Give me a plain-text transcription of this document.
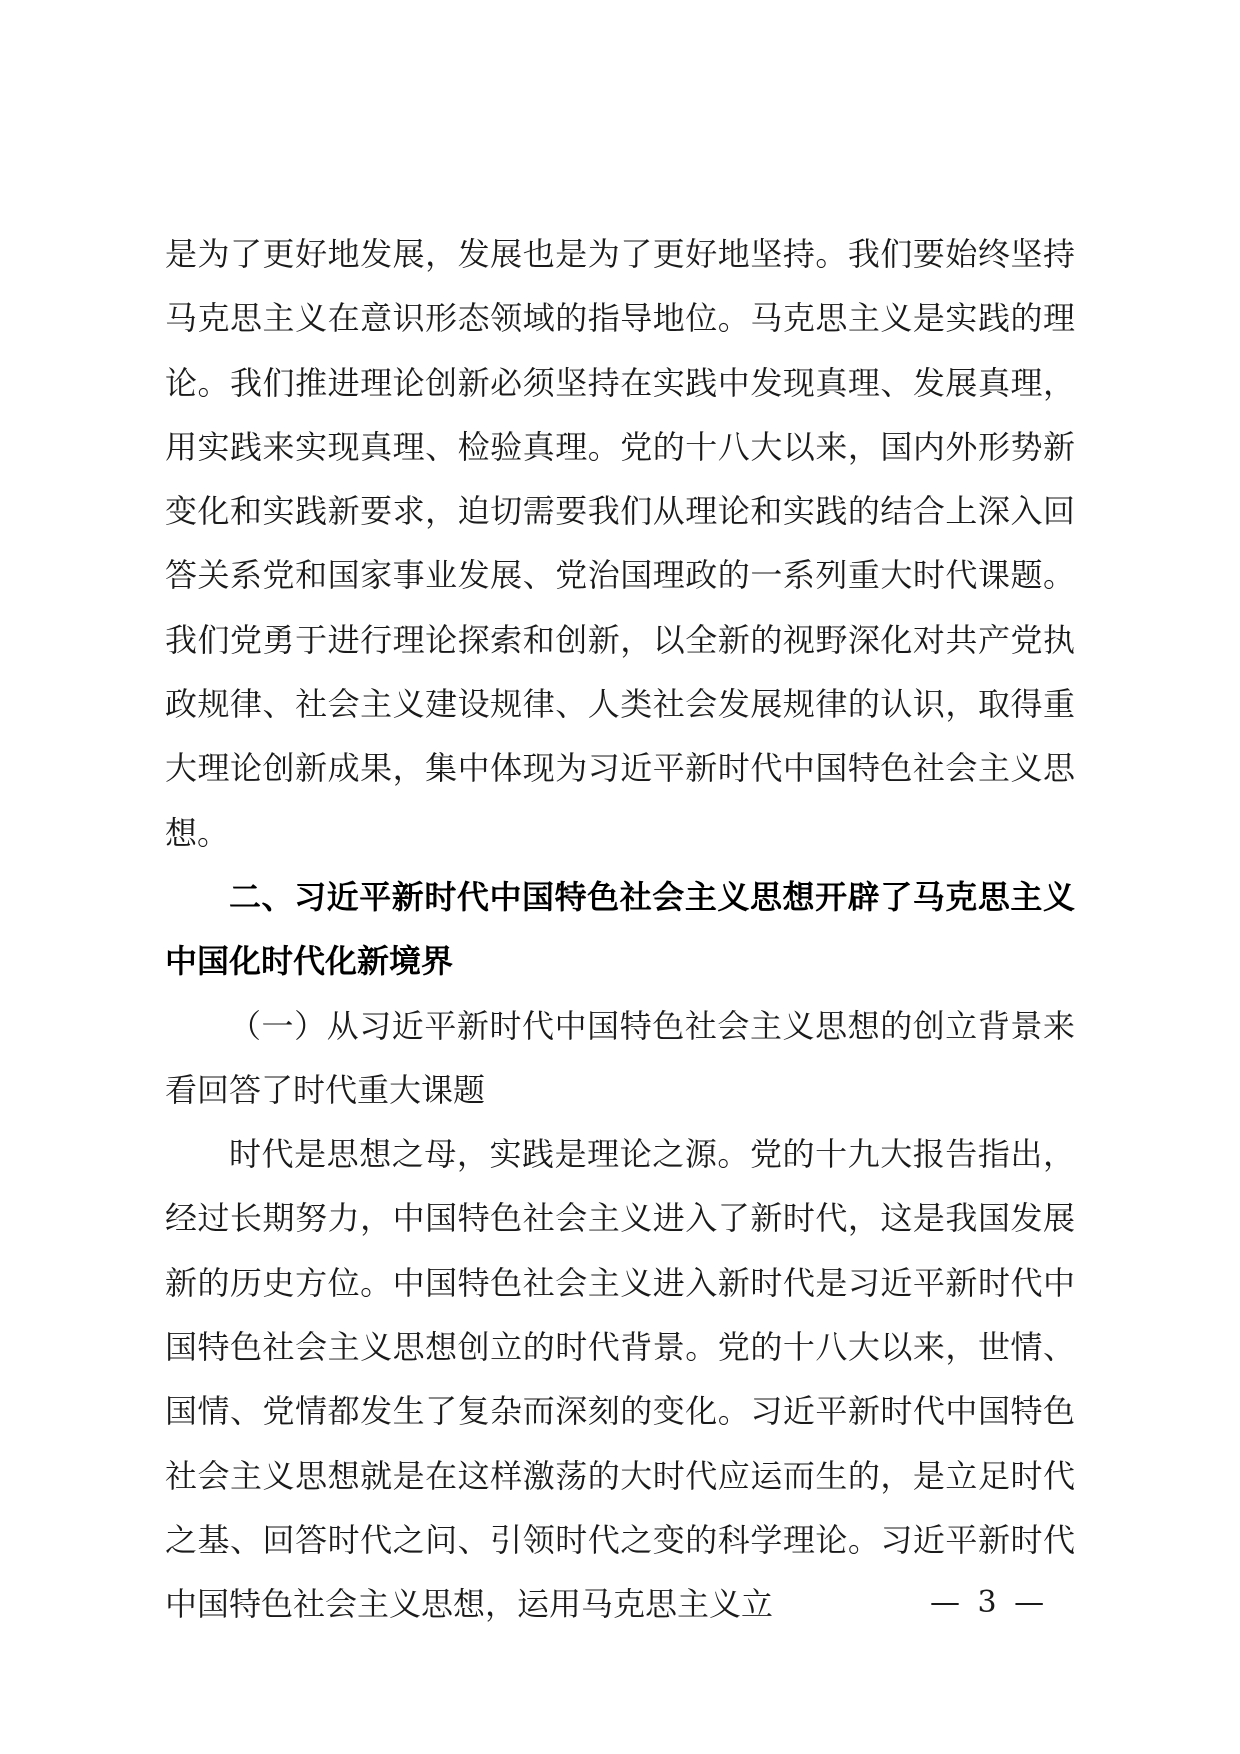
是为了更好地发展，发展也是为了更好地坚持。我们要始终坚持马克思主义在意识形态领域的指导地位。马克思主义是实践的理论。我们推进理论创新必须坚持在实践中发现真理、发展真理，用实践来实现真理、检验真理。党的十八大以来，国内外形势新变化和实践新要求，迫切需要我们从理论和实践的结合上深入回答关系党和国家事业发展、党治国理政的一系列重大时代课题。我们党勇于进行理论探索和创新，以全新的视野深化对共产党执政规律、社会主义建设规律、人类社会发展规律的认识，取得重大理论创新成果，集中体现为习近平新时代中国特色社会主义思想。

二、习近平新时代中国特色社会主义思想开辟了马克思主义中国化时代化新境界

（一）从习近平新时代中国特色社会主义思想的创立背景来看回答了时代重大课题

时代是思想之母，实践是理论之源。党的十九大报告指出，经过长期努力，中国特色社会主义进入了新时代，这是我国发展新的历史方位。中国特色社会主义进入新时代是习近平新时代中国特色社会主义思想创立的时代背景。党的十八大以来，世情、国情、党情都发生了复杂而深刻的变化。习近平新时代中国特色社会主义思想就是在这样激荡的大时代应运而生的，是立足时代之基、回答时代之问、引领时代之变的科学理论。习近平新时代中国特色社会主义思想，运用马克思主义立	— 3 —
